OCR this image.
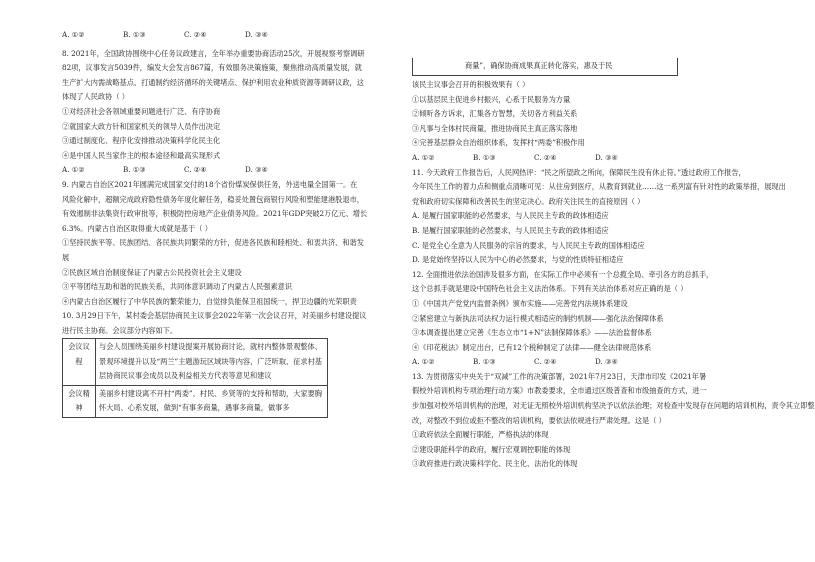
A. ①②	B. ①③	C. ②④	D. ③④
8. 2021年，全国政协围绕中心任务议政建言，全年举办重要协商活动25次，开展视察考察调研
82项，议事发言5039件，编发大会发言867篇，有效服务决策施策，聚焦推动高质量发展，就
生产扩大内需战略基点、打通制约经济循环的关键堵点、保护利用农业种质资源等调研议政，这
体现了人民政协（ ）
①对经济社会各领域重要问题进行广泛、有序协商
②就国家大政方针和国家机关的领导人员作出决定
③通过制度化、程序化安排推动决策科学化民主化
④是中国人民当家作主的根本途径和最高实现形式
A. ①②	B. ①③	C. ②④	D. ③④
9. 内蒙古自治区2021年圆满完成国家交付的18个省份煤炭保供任务，外送电量全国第一。在
风险化解中，超额完成政府隐性债务年度化解任务，稳妥处置包商银行风险和塑能建港股退市，
有效遏制非法集资行政审批等，积极防控房地产企业债务风险。2021年GDP突破2万亿元、增长
6.3%。内蒙古自治区取得重大成就是基于（ ）
①坚持民族平等、民族团结、各民族共同繁荣的方针，促进各民族和睦相处、和衷共济、和谐发
展
②民族区域自治制度保证了内蒙古公民投资社会主义建设
③平等团结互助和谐的民族关系，共同体意识调动了内蒙古人民强素意识
④内蒙古自治区履行了中华民族的繁荣能力，自觉排负能保卫祖国统一，捍卫边疆的光荣职责
10. 3月29日下午，某村委会基层协商民主议事会2022年第一次会议召开，对美丽乡村建设提议
进行民主协商。会议部分内容如下。
会议议程	与会人员围绕美丽乡村建设提案开展协商讨论，就村内整体景观整体、景观环境提升以及“两兰”主题游玩区域块等内容，广泛听取、征求村基层协商民议事会成员以及利益相关方代表等意见和建议
会议精神	美丽乡村建设离不开村“两委”、村民、乡贤等的支持和帮助，大家要胸怀大局、心系发展，做到“有事多商量，遇事多商量，做事多
商量”，确保协商成果真正转化落实，惠及于民
该民主议事会召开的积极效果有（ ）
①以基层民主促进乡村振兴，心系于民服务为方量
②倾听各方诉求，汇集各方智慧，关切各方利益关系
③凡事与全体村民商量，推进协商民主真正落实落地
④完善基层群众自治组织体系，发挥村“两委”积极作用
A. ①②	B. ①③	C. ②④	D. ③④
11. 今天政府工作报告后，人民网热评：“民之所望政之所向，保障民生没有休止符。”透过政府工作报告，
今年民生工作的着力点和侧重点清晰可见：从住房到医疗，从教育到就业……这一系列富有针对性的政策举措，展现出
党和政府切实保障和改善民生的坚定决心。政府关注民生的直接原因（ ）
A. 是履行国家职能的必然要求，与人民民主专政的政体相适应
B. 是履行国家职能的必然要求，与人民民主专政的政体相适应
C. 是党全心全意为人民服务的宗旨的要求，与人民民主专政的国体相适应
D. 是党始终坚持以人民为中心的必然要求，与党的性质特征相适应
12. 全面推进依法治国涉及很多方面，在实际工作中必须有一个总揽全局、牵引各方的总抓手，
这个总抓手就是建设中国特色社会主义法治体系。下列有关法治体系对应正确的是（ ）
①《中国共产党党内监督条例》颁布实施——完善党内法规体系建设
②紧密建立与新执法司法权力运行模式相适应的制约机制——强化法治保障体系
③本调查提出建立完善《生态立市“1+N”法制保障体系》——法治监督体系
④《印花税法》制定出台，已有12个税种制定了法律——健全法律规范体系
A. ①②	B. ①③	C. ②④	D. ③④
13. 为贯彻落实中央关于“双减”工作的决策部署，2021年7月23日，天津市印发《2021年暑
假校外培训机构专项治理行动方案》市教委要求，全市通过区级普查和市级抽查的方式，进一
步加强对校外培训机构的治理，对无证无照校外培训机构坚决予以依法治理；对检查中发现存在问题的培训机构，责令其立即整
改，对整改不到位或拒不整改的培训机构，要依法依规进行严肃处理。这是（ ）
①政府依法全面履行职能，严格执法的体现
②建设职能科学的政府，履行宏观调控职能的体现
③政府推进行政决策科学化、民主化、法治化的体现
